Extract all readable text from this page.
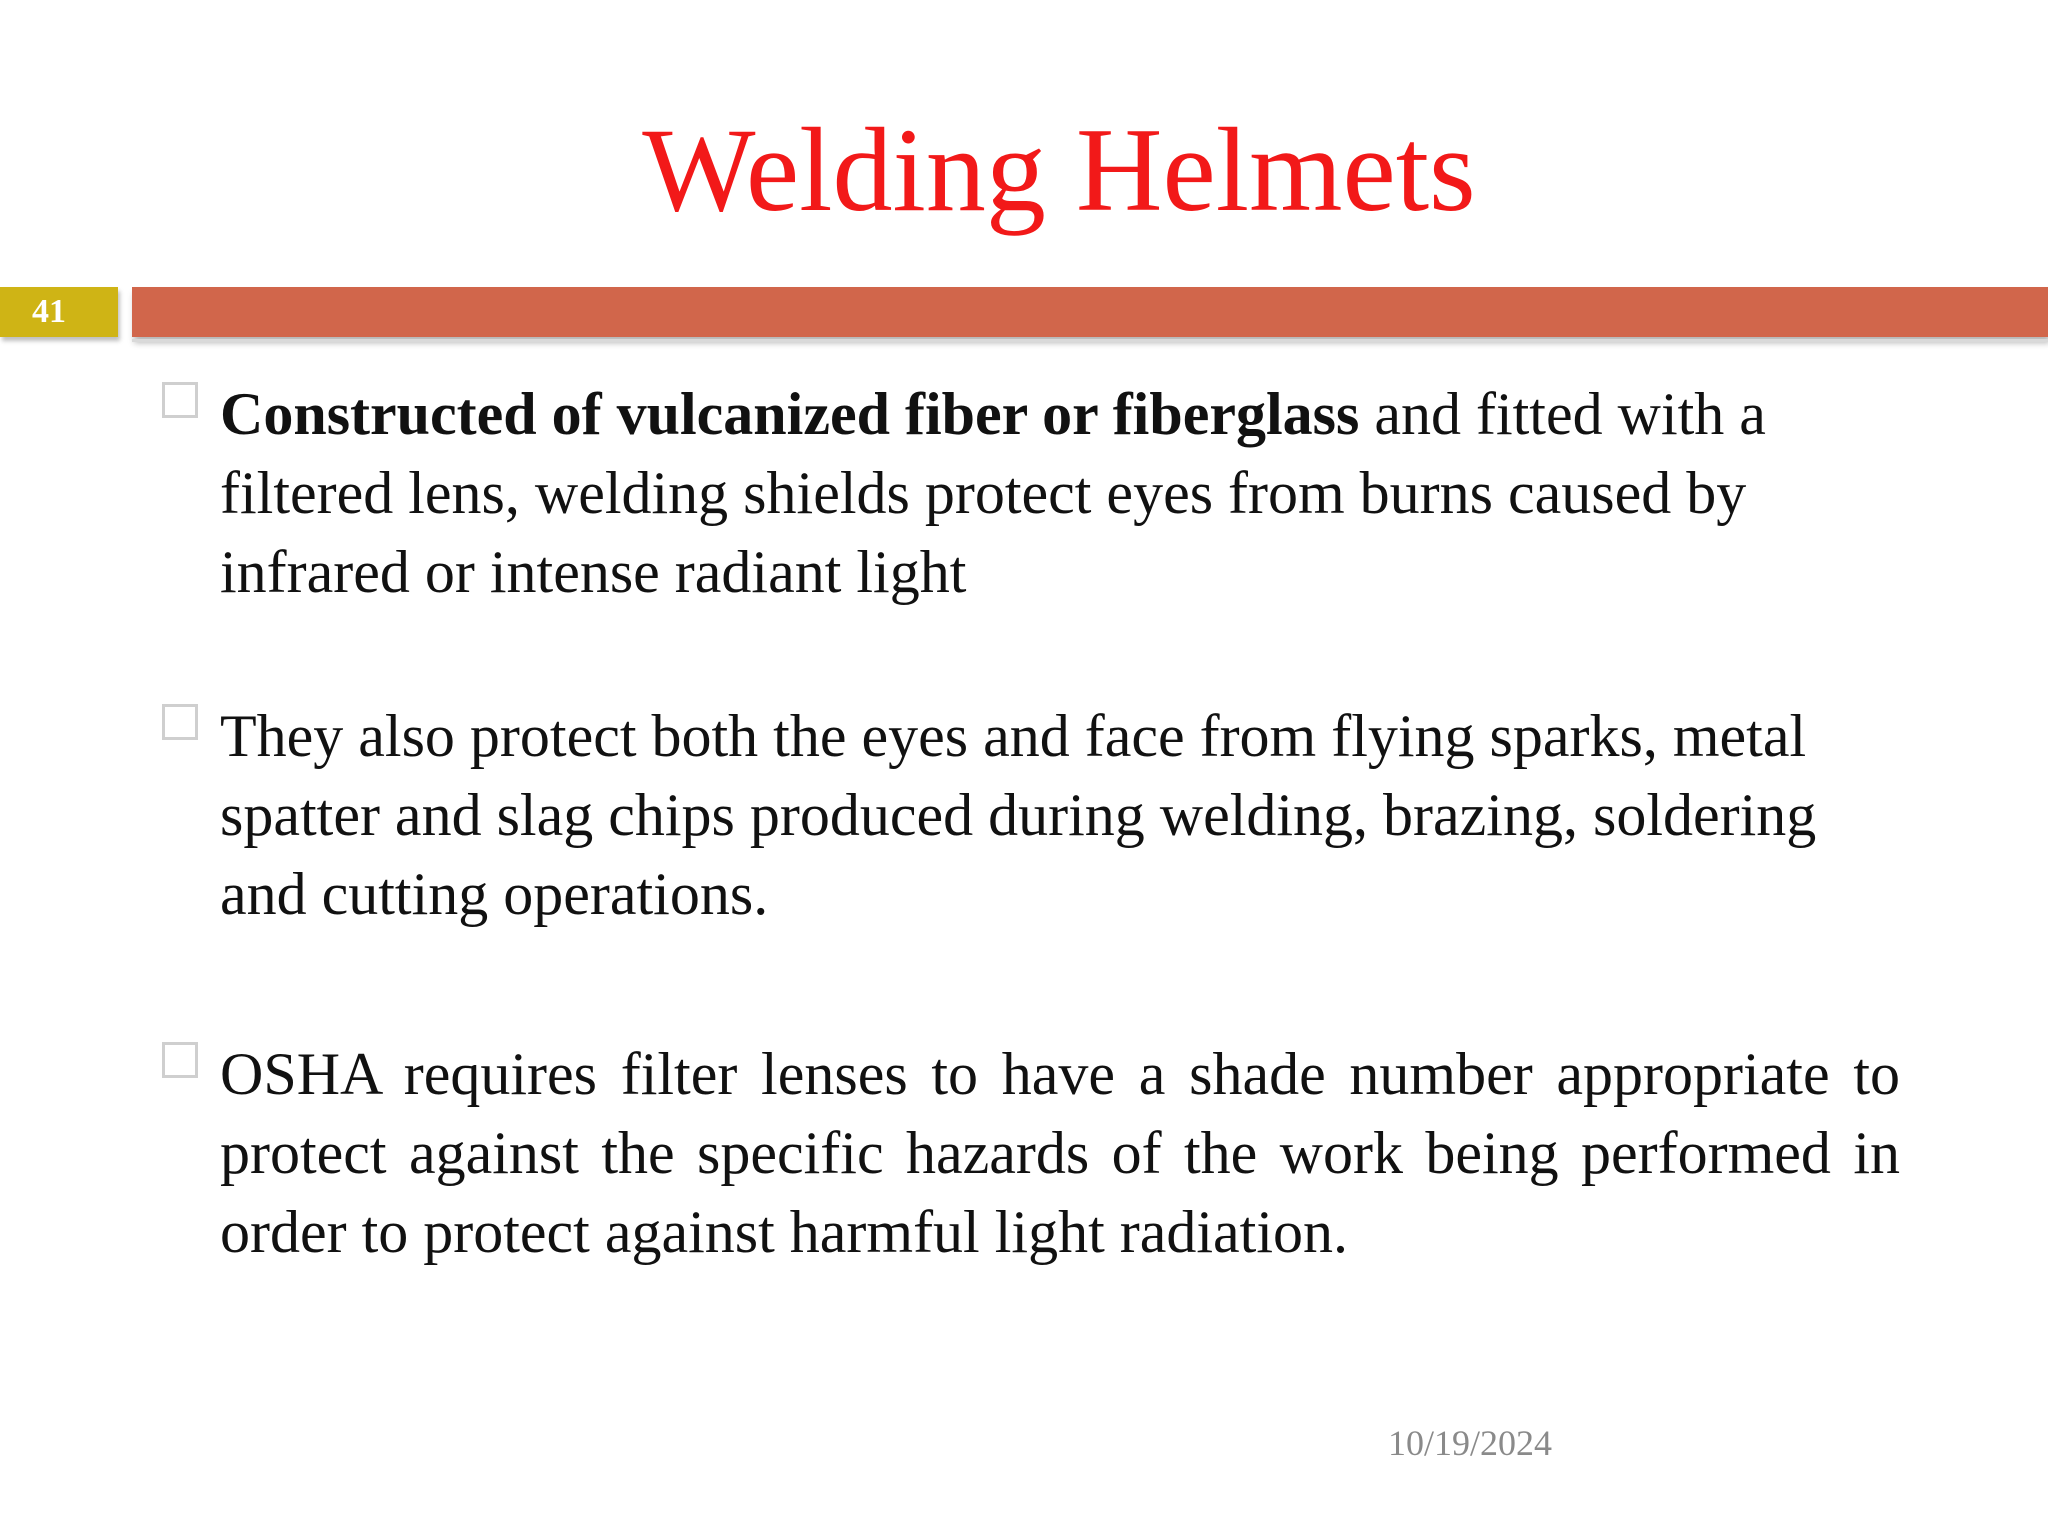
Welding Helmets
41
Constructed of vulcanized fiber or fiberglass and fitted with a filtered lens, welding shields protect eyes from burns caused by infrared or intense radiant light
They also protect both the eyes and face from flying sparks, metal spatter and slag chips produced during welding, brazing, soldering and cutting operations.
OSHA requires filter lenses to have a shade number appropriate to protect against the specific hazards of the work being performed in order to protect against harmful light radiation.
10/19/2024
